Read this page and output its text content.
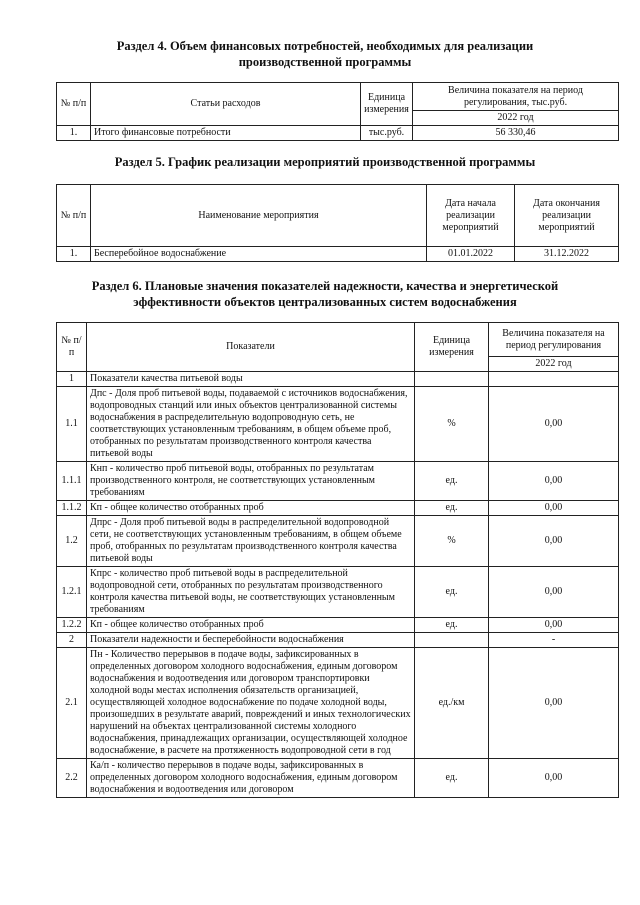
Раздел 4. Объем финансовых потребностей, необходимых для реализации
производственной программы
№ п/п	Статьи расходов	Единица измерения	Величина показателя на период регулирования, тыс.руб.
			2022 год
1.	Итого финансовые потребности	тыс.руб.	56 330,46
Раздел 5. График реализации мероприятий производственной программы
№ п/п	Наименование мероприятия	Дата начала реализации мероприятий	Дата окончания реализации мероприятий
1.	Бесперебойное водоснабжение	01.01.2022	31.12.2022
Раздел 6. Плановые значения показателей надежности, качества и энергетической
эффективности объектов централизованных систем водоснабжения
№ п/п	Показатели	Единица измерения	Величина показателя на период регулирования
			2022 год
1	Показатели качества питьевой воды		
1.1	Дпс - Доля проб питьевой воды, подаваемой с источников водоснабжения, водопроводных станций или иных объектов централизованной системы водоснабжения в распределительную водопроводную сеть, не соответствующих установленным требованиям, в общем объеме проб, отобранных по результатам производственного контроля качества питьевой воды	%	0,00
1.1.1	Кнп - количество проб питьевой воды, отобранных по результатам производственного контроля, не соответствующих установленным требованиям	ед.	0,00
1.1.2	Кп - общее количество отобранных проб	ед.	0,00
1.2	Дпрс - Доля проб питьевой воды в распределительной водопроводной сети, не соответствующих установленным требованиям, в общем объеме проб, отобранных по результатам производственного контроля качества питьевой воды	%	0,00
1.2.1	Кпрс - количество проб питьевой воды в распределительной водопроводной сети, отобранных по результатам производственного контроля качества питьевой воды, не соответствующих установленным требованиям	ед.	0,00
1.2.2	Кп - общее количество отобранных проб	ед.	0,00
2	Показатели надежности и бесперебойности водоснабжения		-
2.1	Пн - Количество перерывов в подаче воды, зафиксированных в определенных договором холодного водоснабжения, единым договором водоснабжения и водоотведения или договором транспортировки холодной воды местах исполнения обязательств организацией, осуществляющей холодное водоснабжение по подаче холодной воды, произошедших в результате аварий, повреждений и иных технологических нарушений на объектах централизованной системы холодного водоснабжения, принадлежащих организации, осуществляющей холодное водоснабжение, в расчете на протяженность водопроводной сети в год	ед./км	0,00
2.2	Ка/п - количество перерывов в подаче воды, зафиксированных в определенных договором холодного водоснабжения, единым договором водоснабжения и водоотведения или договором	ед.	0,00
